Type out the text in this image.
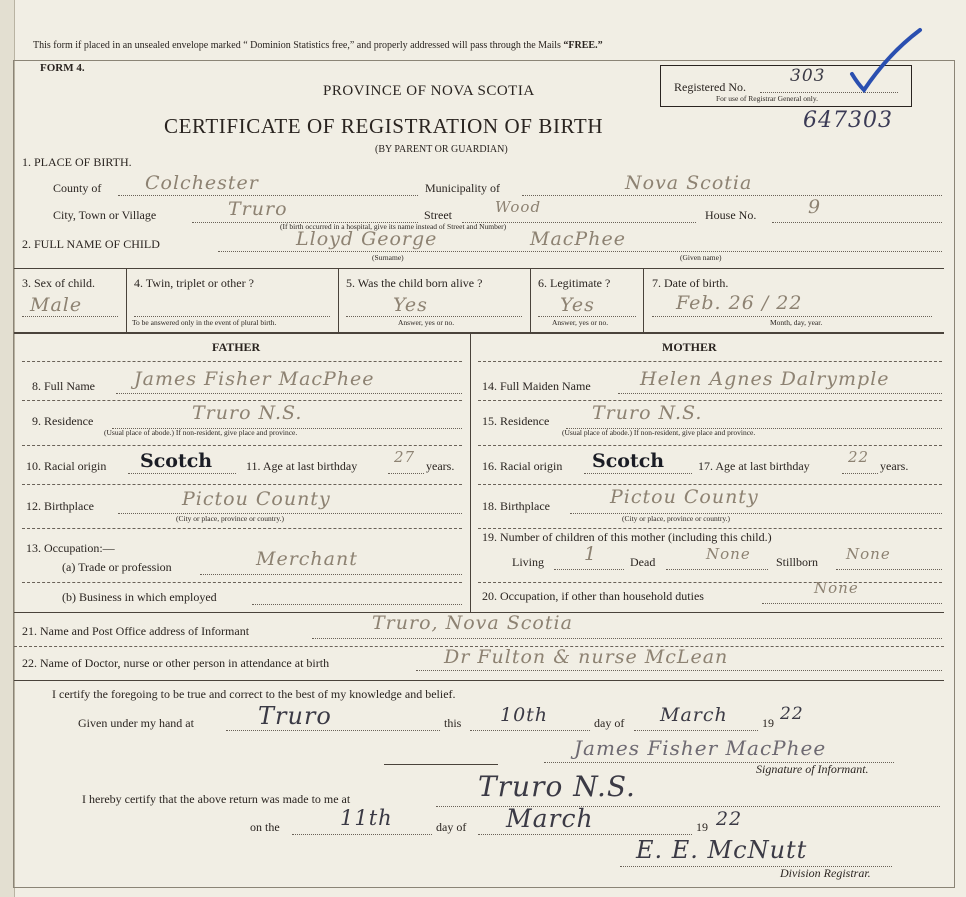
This form if placed in an unsealed envelope marked “ Dominion Statistics free,” and properly addressed will pass through the Mails “FREE.”
FORM 4.
PROVINCE OF NOVA SCOTIA
CERTIFICATE OF REGISTRATION OF BIRTH
(BY PARENT OR GUARDIAN)
Registered No.
303
For use of Registrar General only.
647303
1. PLACE OF BIRTH.
County of Colchester	Municipality of	Nova Scotia
City, Town or Village	Truro	Street	Wood	House No.	9
(If birth occurred in a hospital, give its name instead of Street and Number)
2. FULL NAME OF CHILD	Lloyd George	MacPhee
(Surname)	(Given name)
3. Sex of child.
Male
4. Twin, triplet or other ?
To be answered only in the event of plural birth.
5. Was the child born alive ?
Yes
Answer, yes or no.
6. Legitimate ?
Yes
Answer, yes or no.
7. Date of birth.
Feb. 26 / 22
Month, day, year.
FATHER	MOTHER
8. Full Name James Fisher MacPhee
9. Residence	Truro N.S.
(Usual place of abode.) If non-resident, give place and province.
10. Racial origin Scotch	11. Age at last birthday 27 years.
12. Birthplace	Pictou County
(City or place, province or country.)
13. Occupation:—
(a) Trade or profession	Merchant
(b) Business in which employed
14. Full Maiden Name	Helen Agnes Dalrymple
15. Residence Truro N.S.
(Usual place of abode.) If non-resident, give place and province.
16. Racial origin Scotch	17. Age at last birthday	22 years.
18. Birthplace	Pictou County
(City or place, province or country.)
19. Number of children of this mother (including this child.)
Living 1	Dead	None Stillborn None
20. Occupation, if other than household duties	None
21. Name and Post Office address of Informant	Truro, Nova Scotia
22. Name of Doctor, nurse or other person in attendance at birth	Dr Fulton & nurse McLean
I certify the foregoing to be true and correct to the best of my knowledge and belief.
Given under my hand at	Truro	this 10th	day of March	19 22
James Fisher MacPhee
Signature of Informant.
I hereby certify that the above return was made to me at	Truro N.S.
on the	11th	day of March	19 22
E. E. McNutt
Division Registrar.
